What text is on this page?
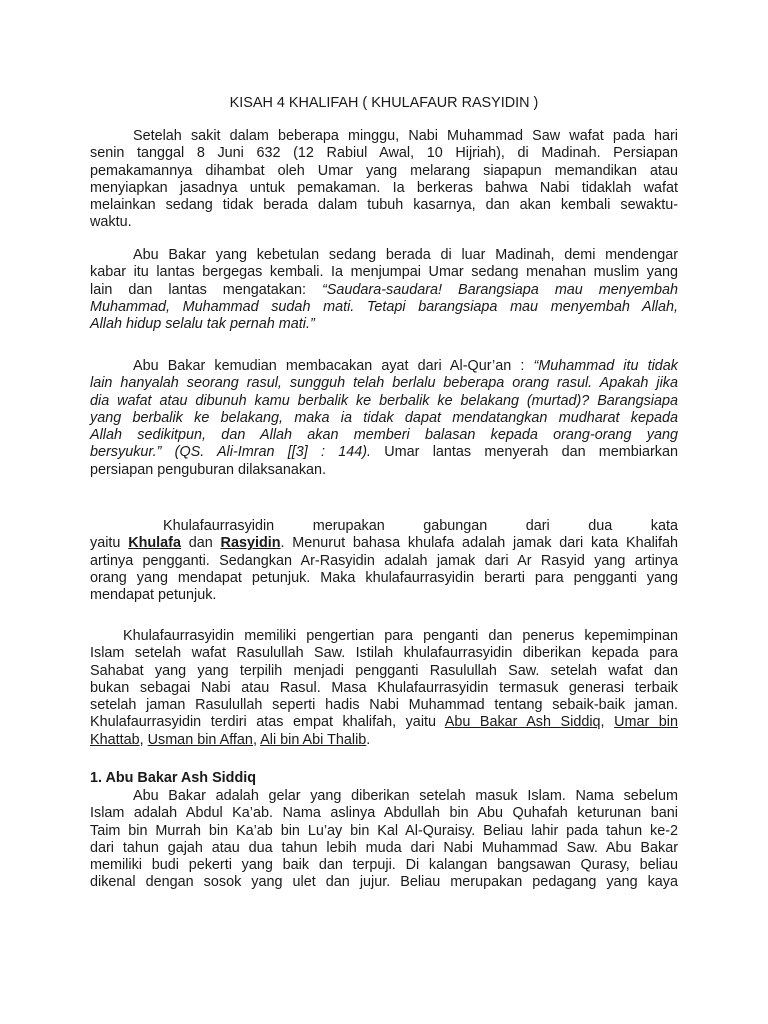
KISAH 4 KHALIFAH ( KHULAFAUR RASYIDIN )
Setelah sakit dalam beberapa minggu, Nabi Muhammad Saw wafat pada hari
senin tanggal 8 Juni 632 (12 Rabiul Awal, 10 Hijriah), di Madinah. Persiapan
pemakamannya dihambat oleh Umar yang melarang siapapun memandikan atau
menyiapkan jasadnya untuk pemakaman. Ia berkeras bahwa Nabi tidaklah wafat
melainkan sedang tidak berada dalam tubuh kasarnya, dan akan kembali sewaktu-
waktu.
Abu Bakar yang kebetulan sedang berada di luar Madinah, demi mendengar
kabar itu lantas bergegas kembali. Ia menjumpai Umar sedang menahan muslim yang
lain dan lantas mengatakan: “Saudara-saudara! Barangsiapa mau menyembah
Muhammad, Muhammad sudah mati. Tetapi barangsiapa mau menyembah Allah,
Allah hidup selalu tak pernah mati.”
Abu Bakar kemudian membacakan ayat dari Al-Qur’an : “Muhammad itu tidak
lain hanyalah seorang rasul, sungguh telah berlalu beberapa orang rasul. Apakah jika
dia wafat atau dibunuh kamu berbalik ke berbalik ke belakang (murtad)? Barangsiapa
yang berbalik ke belakang, maka ia tidak dapat mendatangkan mudharat kepada
Allah sedikitpun, dan Allah akan memberi balasan kepada orang-orang yang
bersyukur.” (QS. Ali-Imran [[3] : 144). Umar lantas menyerah dan membiarkan
persiapan penguburan dilaksanakan.
Khulafaurrasyidin merupakan gabungan dari dua kata
yaitu Khulafa dan Rasyidin. Menurut bahasa khulafa adalah jamak dari kata Khalifah
artinya pengganti. Sedangkan Ar-Rasyidin adalah jamak dari Ar Rasyid yang artinya
orang yang mendapat petunjuk. Maka khulafaurrasyidin berarti para pengganti yang
mendapat petunjuk.
Khulafaurrasyidin memiliki pengertian para penganti dan penerus kepemimpinan
Islam setelah wafat Rasulullah Saw. Istilah khulafaurrasyidin diberikan kepada para
Sahabat yang yang terpilih menjadi pengganti Rasulullah Saw. setelah wafat dan
bukan sebagai Nabi atau Rasul. Masa Khulafaurrasyidin termasuk generasi terbaik
setelah jaman Rasulullah seperti hadis Nabi Muhammad tentang sebaik-baik jaman.
Khulafaurrasyidin terdiri atas empat khalifah, yaitu Abu Bakar Ash Siddiq, Umar bin
Khattab, Usman bin Affan, Ali bin Abi Thalib.
1. Abu Bakar Ash Siddiq
Abu Bakar adalah gelar yang diberikan setelah masuk Islam. Nama sebelum
Islam adalah Abdul Ka’ab. Nama aslinya Abdullah bin Abu Quhafah keturunan bani
Taim bin Murrah bin Ka’ab bin Lu’ay bin Kal Al-Quraisy. Beliau lahir pada tahun ke-2
dari tahun gajah atau dua tahun lebih muda dari Nabi Muhammad Saw. Abu Bakar
memiliki budi pekerti yang baik dan terpuji. Di kalangan bangsawan Qurasy, beliau
dikenal dengan sosok yang ulet dan jujur. Beliau merupakan pedagang yang kaya
